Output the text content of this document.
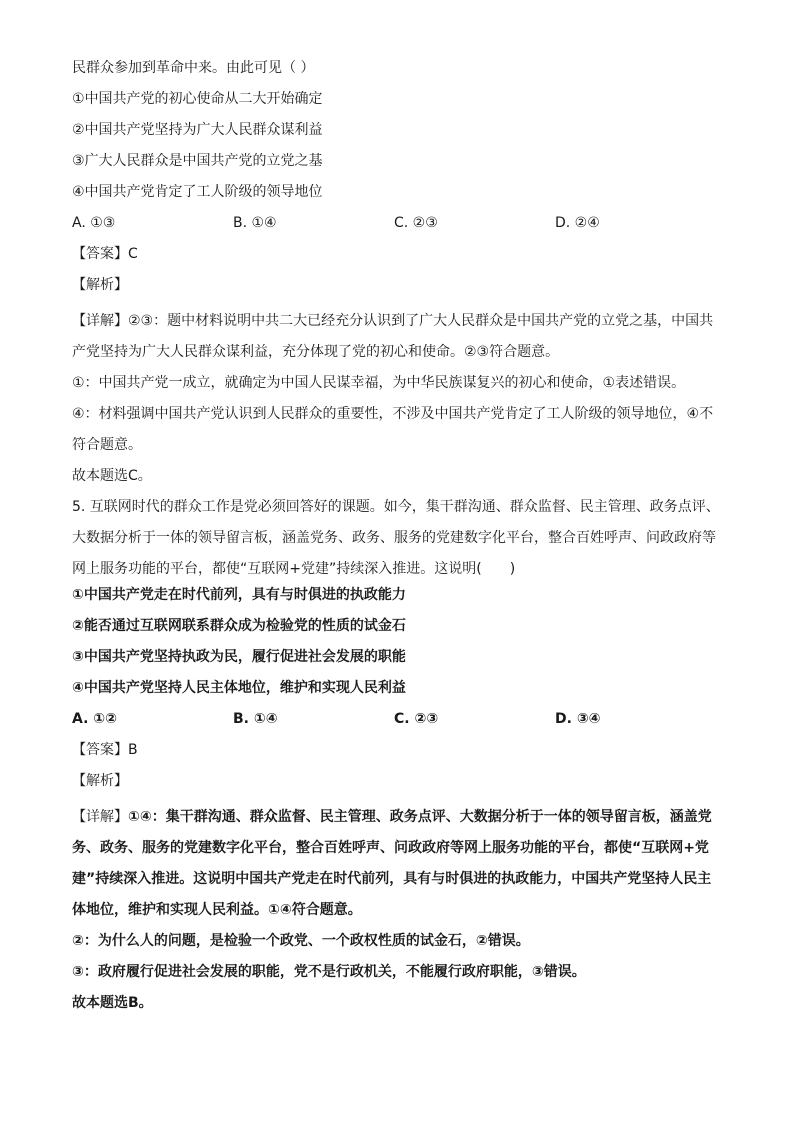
民群众参加到革命中来。由此可见（ ）

①中国共产党的初心使命从二大开始确定

②中国共产党坚持为广大人民群众谋利益

③广大人民群众是中国共产党的立党之基

④中国共产党肯定了工人阶级的领导地位

A. ①③	B. ①④	C. ②③	D. ②④

【答案】C

【解析】

【详解】②③：题中材料说明中共二大已经充分认识到了广大人民群众是中国共产党的立党之基，中国共产党坚持为广大人民群众谋利益，充分体现了党的初心和使命。②③符合题意。

①：中国共产党一成立，就确定为中国人民谋幸福，为中华民族谋复兴的初心和使命，①表述错误。

④：材料强调中国共产党认识到人民群众的重要性，不涉及中国共产党肯定了工人阶级的领导地位，④不符合题意。

故本题选C。

5. 互联网时代的群众工作是党必须回答好的课题。如今，集干群沟通、群众监督、民主管理、政务点评、大数据分析于一体的领导留言板，涵盖党务、政务、服务的党建数字化平台，整合百姓呼声、问政政府等网上服务功能的平台，都使“互联网+党建”持续深入推进。这说明(　　)

①中国共产党走在时代前列，具有与时俱进的执政能力

②能否通过互联网联系群众成为检验党的性质的试金石

③中国共产党坚持执政为民，履行促进社会发展的职能

④中国共产党坚持人民主体地位，维护和实现人民利益

A. ①②	B. ①④	C. ②③	D. ③④

【答案】B

【解析】

【详解】①④：集干群沟通、群众监督、民主管理、政务点评、大数据分析于一体的领导留言板，涵盖党务、政务、服务的党建数字化平台，整合百姓呼声、问政政府等网上服务功能的平台，都使“互联网+党建”持续深入推进。这说明中国共产党走在时代前列，具有与时俱进的执政能力，中国共产党坚持人民主体地位，维护和实现人民利益。①④符合题意。

②：为什么人的问题，是检验一个政党、一个政权性质的试金石，②错误。

③：政府履行促进社会发展的职能，党不是行政机关，不能履行政府职能，③错误。

故本题选B。
